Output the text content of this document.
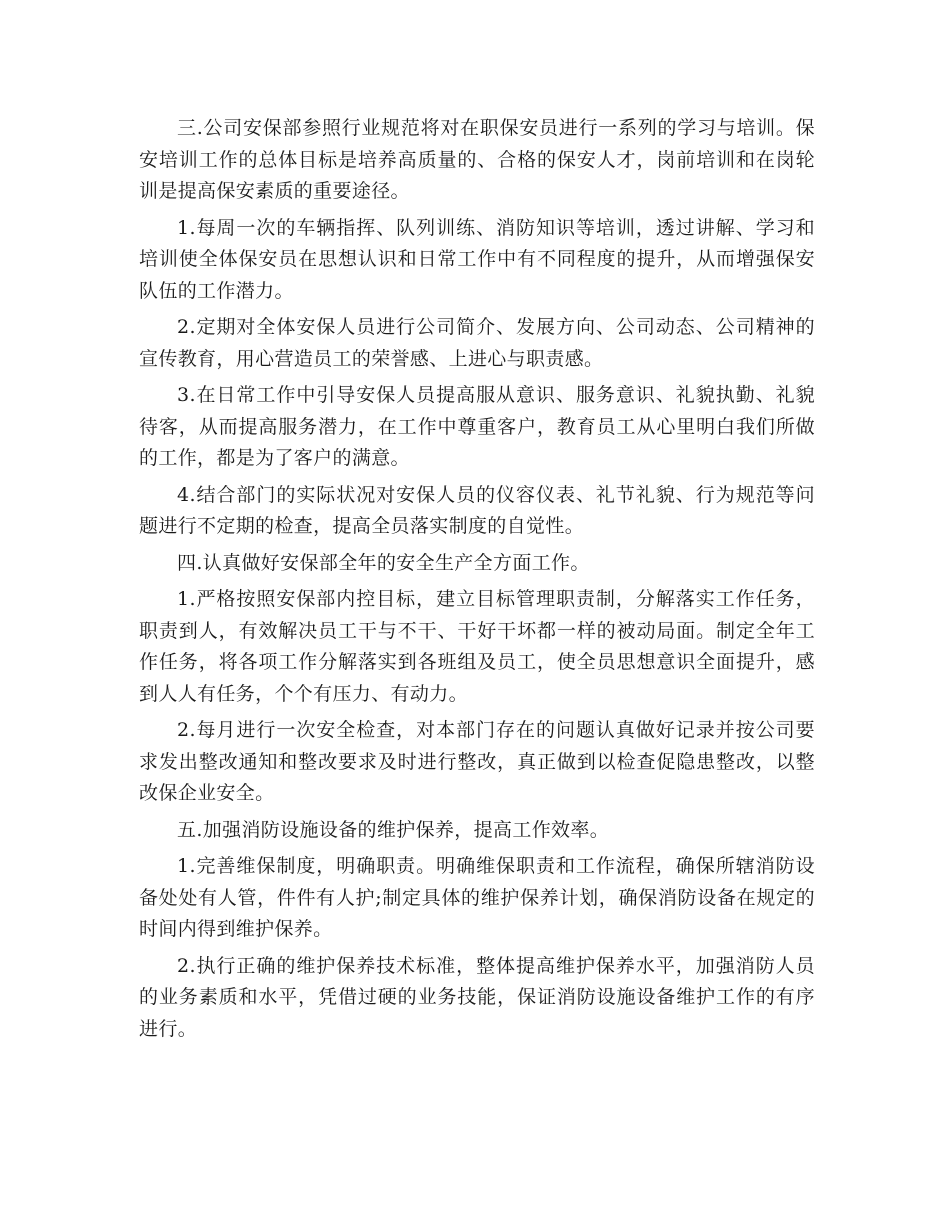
三.公司安保部参照行业规范将对在职保安员进行一系列的学习与培训。保安培训工作的总体目标是培养高质量的、合格的保安人才，岗前培训和在岗轮训是提高保安素质的重要途径。

1.每周一次的车辆指挥、队列训练、消防知识等培训，透过讲解、学习和培训使全体保安员在思想认识和日常工作中有不同程度的提升，从而增强保安队伍的工作潜力。

2.定期对全体安保人员进行公司简介、发展方向、公司动态、公司精神的宣传教育，用心营造员工的荣誉感、上进心与职责感。

3.在日常工作中引导安保人员提高服从意识、服务意识、礼貌执勤、礼貌待客，从而提高服务潜力，在工作中尊重客户，教育员工从心里明白我们所做的工作，都是为了客户的满意。

4.结合部门的实际状况对安保人员的仪容仪表、礼节礼貌、行为规范等问题进行不定期的检查，提高全员落实制度的自觉性。

四.认真做好安保部全年的安全生产全方面工作。

1.严格按照安保部内控目标，建立目标管理职责制，分解落实工作任务，职责到人，有效解决员工干与不干、干好干坏都一样的被动局面。制定全年工作任务，将各项工作分解落实到各班组及员工，使全员思想意识全面提升，感到人人有任务，个个有压力、有动力。

2.每月进行一次安全检查，对本部门存在的问题认真做好记录并按公司要求发出整改通知和整改要求及时进行整改，真正做到以检查促隐患整改，以整改保企业安全。

五.加强消防设施设备的维护保养，提高工作效率。

1.完善维保制度，明确职责。明确维保职责和工作流程，确保所辖消防设备处处有人管，件件有人护;制定具体的维护保养计划，确保消防设备在规定的时间内得到维护保养。

2.执行正确的维护保养技术标准，整体提高维护保养水平，加强消防人员的业务素质和水平，凭借过硬的业务技能，保证消防设施设备维护工作的有序进行。
